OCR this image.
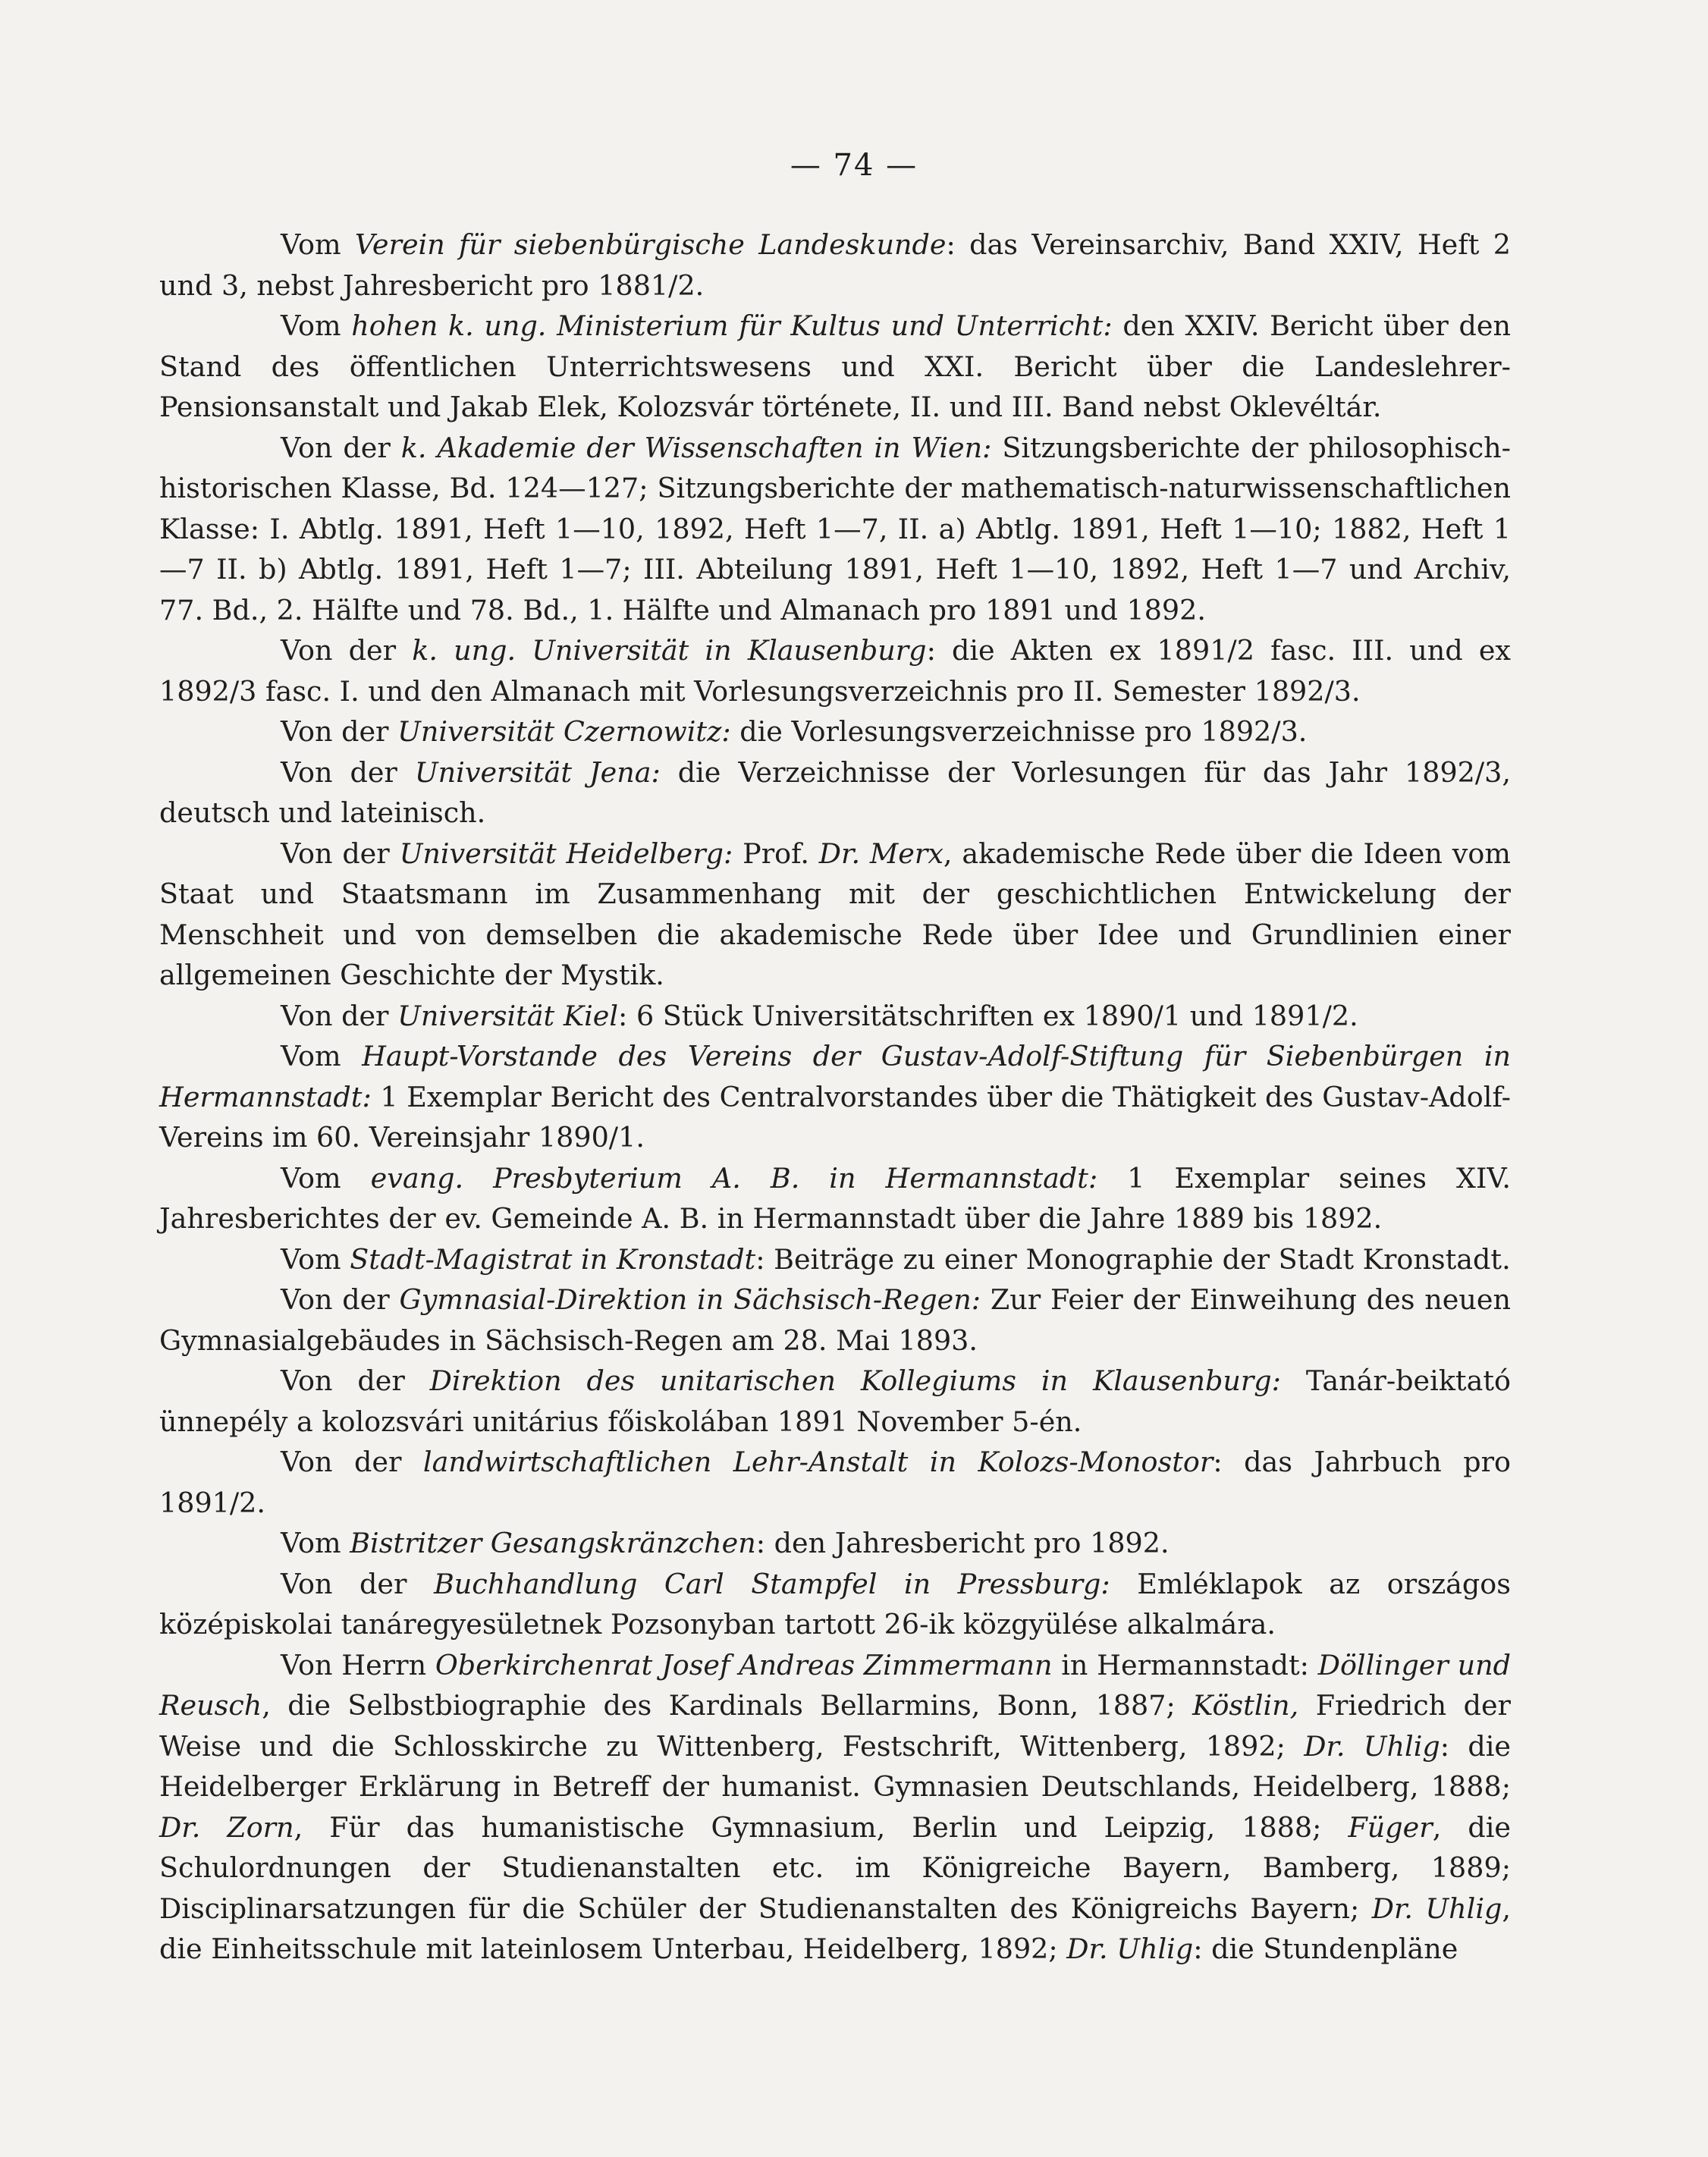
— 74 —

Vom Verein für siebenbürgische Landeskunde: das Vereinsarchiv, Band XXIV, Heft 2 und 3, nebst Jahresbericht pro 1881/2.

Vom hohen k. ung. Ministerium für Kultus und Unterricht: den XXIV. Bericht über den Stand des öffentlichen Unterrichtswesens und XXI. Bericht über die Landeslehrer-Pensionsanstalt und Jakab Elek, Kolozsvár története, II. und III. Band nebst Oklevéltár.

Von der k. Akademie der Wissenschaften in Wien: Sitzungsberichte der philosophisch-historischen Klasse, Bd. 124—127; Sitzungsberichte der mathematisch-naturwissenschaftlichen Klasse: I. Abtlg. 1891, Heft 1—10, 1892, Heft 1—7, II. a) Abtlg. 1891, Heft 1—10; 1882, Heft 1—7 II. b) Abtlg. 1891, Heft 1—7; III. Abteilung 1891, Heft 1—10, 1892, Heft 1—7 und Archiv, 77. Bd., 2. Hälfte und 78. Bd., 1. Hälfte und Almanach pro 1891 und 1892.

Von der k. ung. Universität in Klausenburg: die Akten ex 1891/2 fasc. III. und ex 1892/3 fasc. I. und den Almanach mit Vorlesungsverzeichnis pro II. Semester 1892/3.

Von der Universität Czernowitz: die Vorlesungsverzeichnisse pro 1892/3.

Von der Universität Jena: die Verzeichnisse der Vorlesungen für das Jahr 1892/3, deutsch und lateinisch.

Von der Universität Heidelberg: Prof. Dr. Merx, akademische Rede über die Ideen vom Staat und Staatsmann im Zusammenhang mit der geschichtlichen Entwickelung der Menschheit und von demselben die akademische Rede über Idee und Grundlinien einer allgemeinen Geschichte der Mystik.

Von der Universität Kiel: 6 Stück Universitätschriften ex 1890/1 und 1891/2.

Vom Haupt-Vorstande des Vereins der Gustav-Adolf-Stiftung für Siebenbürgen in Hermannstadt: 1 Exemplar Bericht des Centralvorstandes über die Thätigkeit des Gustav-Adolf-Vereins im 60. Vereinsjahr 1890/1.

Vom evang. Presbyterium A. B. in Hermannstadt: 1 Exemplar seines XIV. Jahresberichtes der ev. Gemeinde A. B. in Hermannstadt über die Jahre 1889 bis 1892.

Vom Stadt-Magistrat in Kronstadt: Beiträge zu einer Monographie der Stadt Kronstadt.

Von der Gymnasial-Direktion in Sächsisch-Regen: Zur Feier der Einweihung des neuen Gymnasialgebäudes in Sächsisch-Regen am 28. Mai 1893.

Von der Direktion des unitarischen Kollegiums in Klausenburg: Tanár-beiktató ünnepély a kolozsvári unitárius főiskolában 1891 November 5-én.

Von der landwirtschaftlichen Lehr-Anstalt in Kolozs-Monostor: das Jahrbuch pro 1891/2.

Vom Bistritzer Gesangskränzchen: den Jahresbericht pro 1892.

Von der Buchhandlung Carl Stampfel in Pressburg: Emléklapok az országos középiskolai tanáregyesületnek Pozsonyban tartott 26-ik közgyülése alkalmára.

Von Herrn Oberkirchenrat Josef Andreas Zimmermann in Hermannstadt: Döllinger und Reusch, die Selbstbiographie des Kardinals Bellarmins, Bonn, 1887; Köstlin, Friedrich der Weise und die Schlosskirche zu Wittenberg, Festschrift, Wittenberg, 1892; Dr. Uhlig: die Heidelberger Erklärung in Betreff der humanist. Gymnasien Deutschlands, Heidelberg, 1888; Dr. Zorn, Für das humanistische Gymnasium, Berlin und Leipzig, 1888; Füger, die Schulordnungen der Studienanstalten etc. im Königreiche Bayern, Bamberg, 1889; Disciplinarsatzungen für die Schüler der Studienanstalten des Königreichs Bayern; Dr. Uhlig, die Einheitsschule mit lateinlosem Unterbau, Heidelberg, 1892; Dr. Uhlig: die Stundenpläne
